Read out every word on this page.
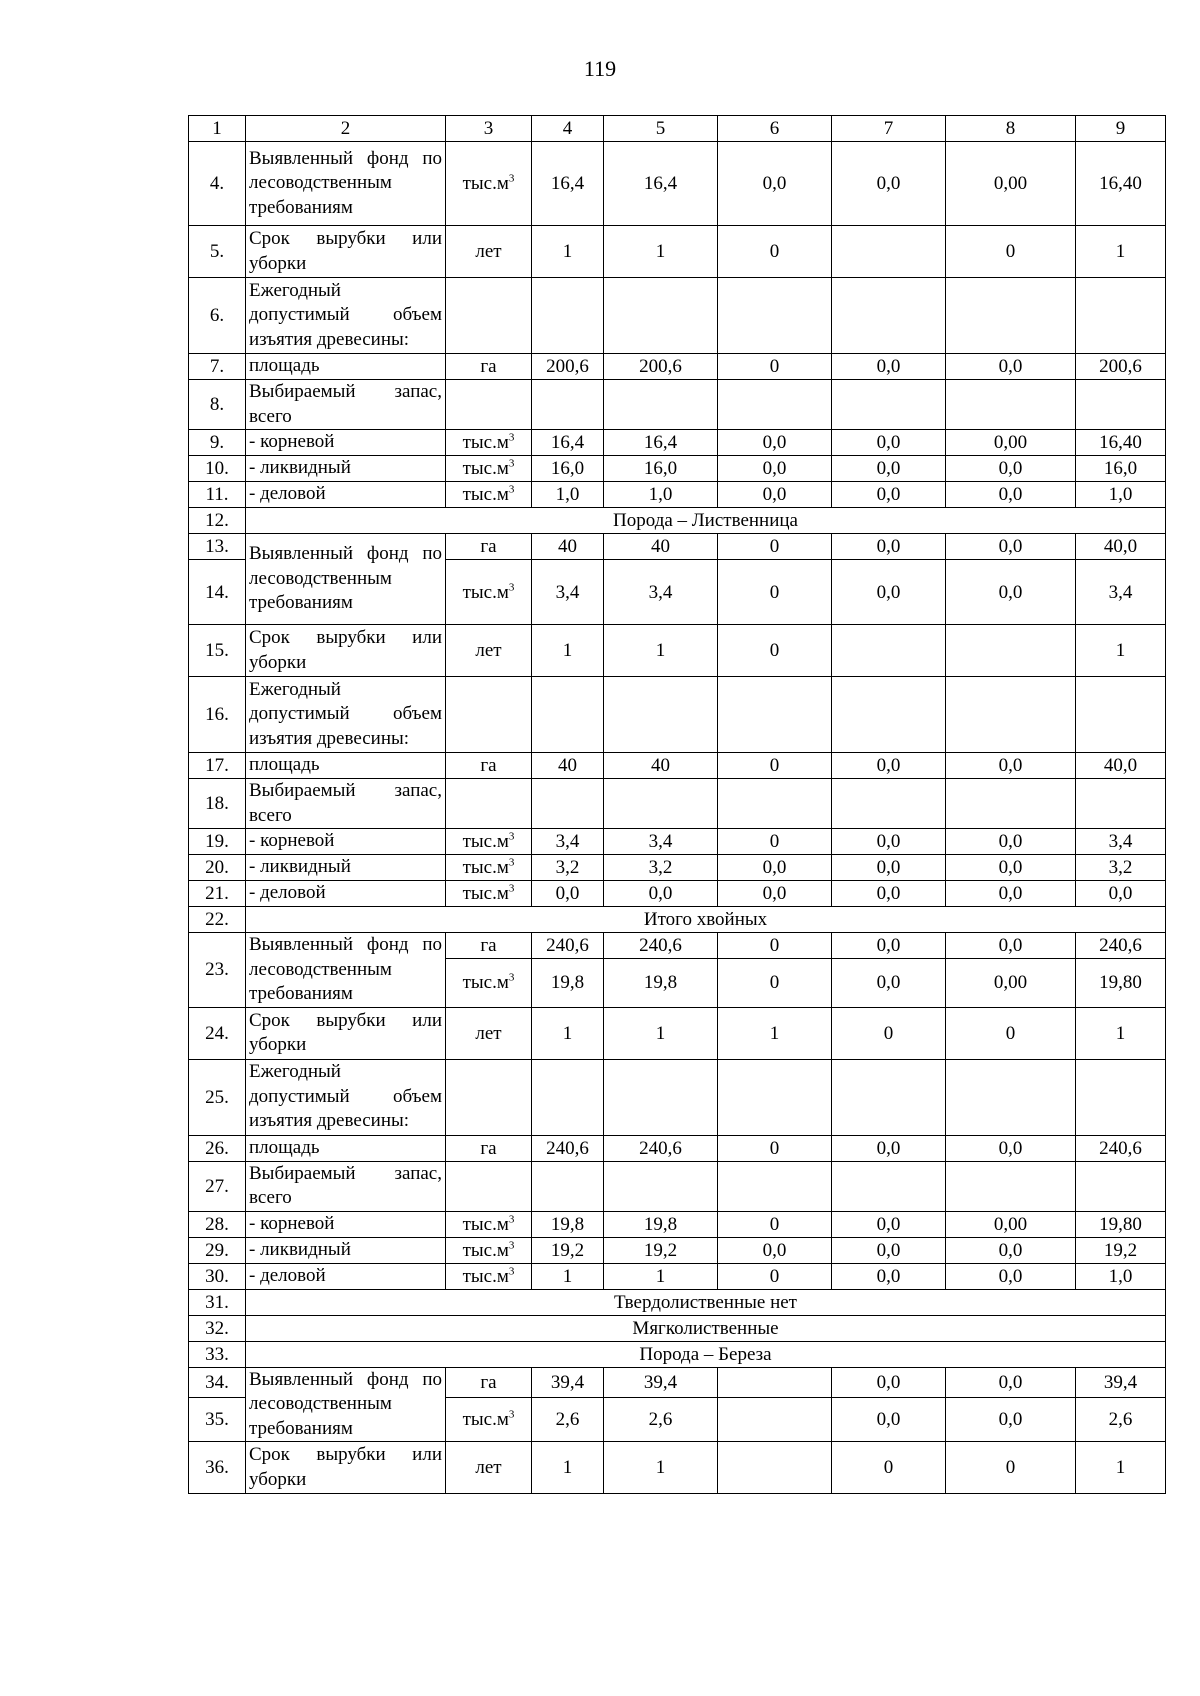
119
1	2	3	4	5	6	7	8	9
4.	Выявленный фонд по лесоводственным требованиям	$тыс.м^3$	16,4	16,4	0,0	0,0	0,00	16,40
5.	Срок вырубки или уборки	лет	1	1	0		0	1
6.	Ежегодный допустимый объем изъятия древесины:							
7.	площадь	га	200,6	200,6	0	0,0	0,0	200,6
8.	Выбираемый запас, всего							
9.	- корневой	$тыс.м^3$	16,4	16,4	0,0	0,0	0,00	16,40
10.	- ликвидный	$тыс.м^3$	16,0	16,0	0,0	0,0	0,0	16,0
11.	- деловой	$тыс.м^3$	1,0	1,0	0,0	0,0	0,0	1,0
12.	Порода – Лиственница							
13.	Выявленный фонд по лесоводственным требованиям	га	40	40	0	0,0	0,0	40,0
14.		$тыс.м^3$	3,4	3,4	0	0,0	0,0	3,4
15.	Срок вырубки или уборки	лет	1	1	0			1
16.	Ежегодный допустимый объем изъятия древесины:							
17.	площадь	га	40	40	0	0,0	0,0	40,0
18.	Выбираемый запас, всего							
19.	- корневой	$тыс.м^3$	3,4	3,4	0	0,0	0,0	3,4
20.	- ликвидный	$тыс.м^3$	3,2	3,2	0,0	0,0	0,0	3,2
21.	- деловой	$тыс.м^3$	0,0	0,0	0,0	0,0	0,0	0,0
22.	Итого хвойных							
23.	Выявленный фонд по лесоводственным требованиям	га	240,6	240,6	0	0,0	0,0	240,6
		$тыс.м^3$	19,8	19,8	0	0,0	0,00	19,80
24.	Срок вырубки или уборки	лет	1	1	1	0	0	1
25.	Ежегодный допустимый объем изъятия древесины:							
26.	площадь	га	240,6	240,6	0	0,0	0,0	240,6
27.	Выбираемый запас, всего							
28.	- корневой	$тыс.м^3$	19,8	19,8	0	0,0	0,00	19,80
29.	- ликвидный	$тыс.м^3$	19,2	19,2	0,0	0,0	0,0	19,2
30.	- деловой	$тыс.м^3$	1	1	0	0,0	0,0	1,0
31.	Твердолиственные нет							
32.	Мягколиственные							
33.	Порода – Береза							
34.	Выявленный фонд по лесоводственным требованиям	га	39,4	39,4		0,0	0,0	39,4
35.		$тыс.м^3$	2,6	2,6		0,0	0,0	2,6
36.	Срок вырубки или уборки	лет	1	1		0	0	1
